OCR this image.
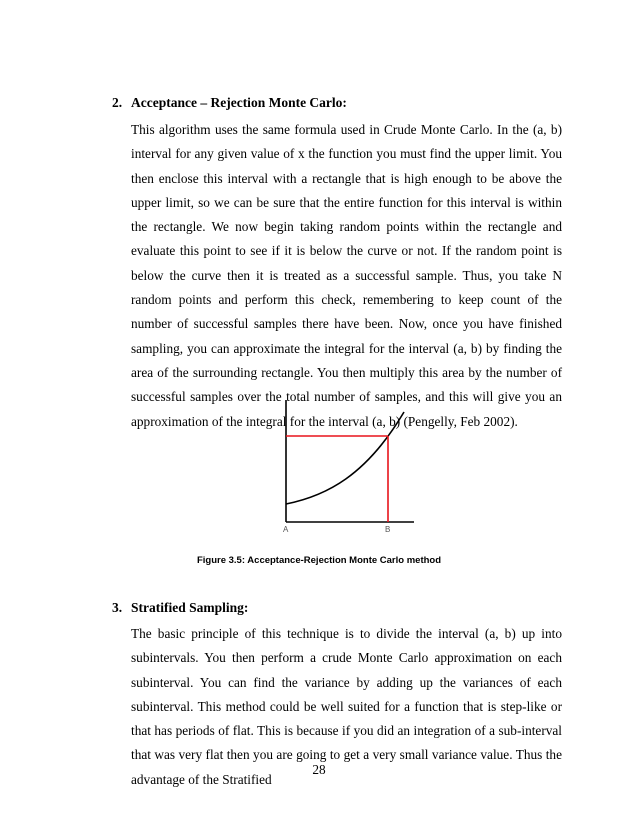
2. Acceptance – Rejection Monte Carlo:

This algorithm uses the same formula used in Crude Monte Carlo. In the (a, b) interval for any given value of x the function you must find the upper limit. You then enclose this interval with a rectangle that is high enough to be above the upper limit, so we can be sure that the entire function for this interval is within the rectangle. We now begin taking random points within the rectangle and evaluate this point to see if it is below the curve or not. If the random point is below the curve then it is treated as a successful sample. Thus, you take N random points and perform this check, remembering to keep count of the number of successful samples there have been. Now, once you have finished sampling, you can approximate the integral for the interval (a, b) by finding the area of the surrounding rectangle. You then multiply this area by the number of successful samples over the total number of samples, and this will give you an approximation of the integral for the interval (a, b) (Pengelly, Feb 2002).

A	B

Figure 3.5: Acceptance-Rejection Monte Carlo method

3. Stratified Sampling:

The basic principle of this technique is to divide the interval (a, b) up into subintervals. You then perform a crude Monte Carlo approximation on each subinterval. You can find the variance by adding up the variances of each subinterval. This method could be well suited for a function that is step-like or that has periods of flat. This is because if you did an integration of a sub-interval that was very flat then you are going to get a very small variance value. Thus the advantage of the Stratified

28
